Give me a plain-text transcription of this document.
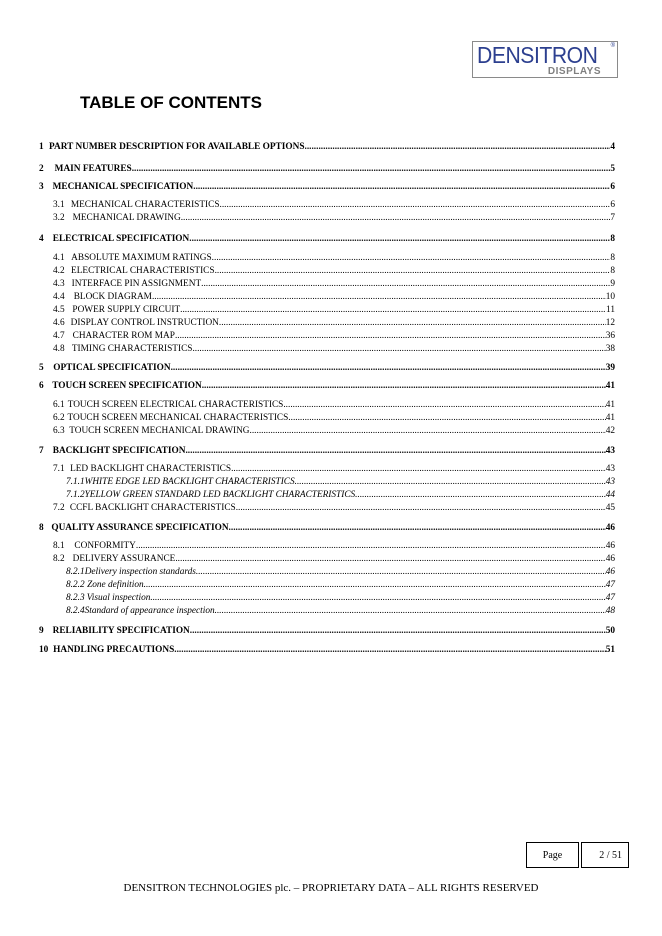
DENSITRON ®
DISPLAYS
TABLE OF CONTENTS
1 PART NUMBER DESCRIPTION FOR AVAILABLE OPTIONS .....	4
2	MAIN FEATURES .....	5
3 MECHANICAL SPECIFICATION .....	6
3.1 MECHANICAL CHARACTERISTICS .....	6
3.2 MECHANICAL DRAWING .....	7
4 ELECTRICAL SPECIFICATION .....	8
4.1 ABSOLUTE MAXIMUM RATINGS .....	8
4.2 ELECTRICAL CHARACTERISTICS .....	8
4.3 INTERFACE PIN ASSIGNMENT .....	9
4.4 BLOCK DIAGRAM .....	10
4.5 POWER SUPPLY CIRCUIT .....	11
4.6 DISPLAY CONTROL INSTRUCTION .....	12
4.7 CHARACTER ROM MAP .....	36
4.8 TIMING CHARACTERISTICS .....	38
5	OPTICAL SPECIFICATION .....	39
6 TOUCH SCREEN SPECIFICATION .....	41
6.1 TOUCH SCREEN ELECTRICAL CHARACTERISTICS .....	41
6.2 TOUCH SCREEN MECHANICAL CHARACTERISTICS .....	41
6.3 TOUCH SCREEN MECHANICAL DRAWING .....	42
7 BACKLIGHT SPECIFICATION .....	43
7.1 LED BACKLIGHT CHARACTERISTICS .....	43
7.1.1 WHITE EDGE LED BACKLIGHT CHARACTERISTICS .....	43
7.1.2 YELLOW GREEN STANDARD LED BACKLIGHT CHARACTERISTICS .....	44
7.2 CCFL BACKLIGHT CHARACTERISTICS .....	45
8 QUALITY ASSURANCE SPECIFICATION .....	46
8.1	CONFORMITY .....	46
8.2 DELIVERY ASSURANCE .....	46
8.2.1 Delivery inspection standards .....	46
8.2.2 Zone definition .....	47
8.2.3 Visual inspection .....	47
8.2.4 Standard of appearance inspection .....	48
9 RELIABILITY SPECIFICATION .....	50
10 HANDLING PRECAUTIONS .....	51
Page	2 / 51
DENSITRON TECHNOLOGIES plc. – PROPRIETARY DATA – ALL RIGHTS RESERVED
